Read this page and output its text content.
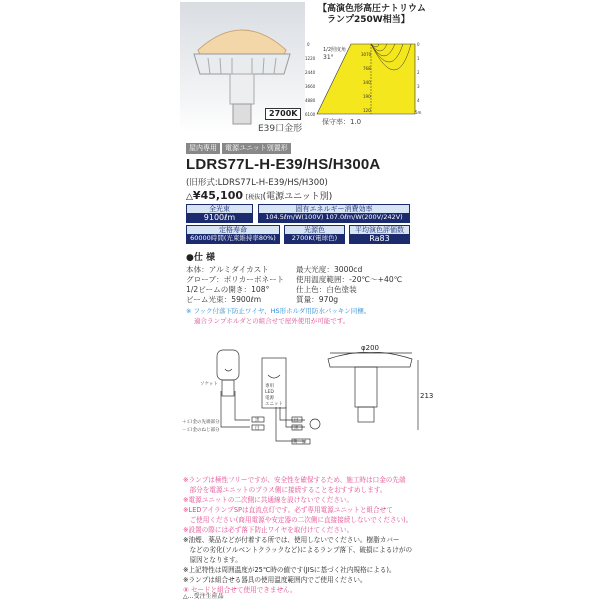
2700K
E39口金形
【高演色形高圧ナトリウム
　ランプ250W相当】
0
1220
2440
3660
4880
6100
3070
768
340
190
120
0
1
2
3
4
5m
1/2照度角
31°
保守率：1.0
屋内専用	電源ユニット別置形
LDRS77L-H-E39/HS/H300A
(旧形式:LDRS77L-H-E39/HS/H300)
△¥45,100 [税抜](電源ユニット別)
全光束
9100ℓm
固有エネルギー消費効率
104.5ℓm/W(100V) 107.0ℓm/W(200V/242V)
定格寿命
60000時間(光束維持率80%)
光源色
2700K(電球色)
平均演色評価数
Ra83
●仕 様
本体：アルミダイカスト
グローブ：ポリカーボネート
1/2ビームの開き：108°
ビーム光束：5900ℓm
最大光度：3000cd
使用温度範囲：-20℃～+40℃
仕上色：白色塗装
質量：970g
※ フック付落下防止ワイヤ、HS形ホルダ用防水パッキン同梱。
適合ランプホルダとの組合せで屋外使用が可能です。
ソケット	専用
LED
電源
ユニット
＋:口金の先端部分
－:口金のねじ部分
黒
白
白
黒
黄 緑
φ200
213
※ランプは極性フリーですが、安全性を確保するため、施工時は口金の先端
　部分を電源ユニットのプラス側に接続することをおすすめします。
※電源ユニットの二次側に共通線を設けないでください。
※LEDアイランプSPは直流点灯です。必ず専用電源ユニットと組合せて
　ご使用ください(商用電源や安定器の二次側に直接接続しないでください)。
※設置の際には必ず落下防止ワイヤを取付けてください。
※油煙、薬品などが付着する所では、使用しないでください。樹脂カバー
　などの劣化(ソルベントクラックなど)によるランプ落下、破損によるけがの
　原因となります。
※上記特性は周囲温度が25℃時の値です(JISに基づく社内規格による)。
※ランプは組合せる器具の使用温度範囲内でご使用ください。
⑧ セードと組合せて使用できません。
△…受注生産品
